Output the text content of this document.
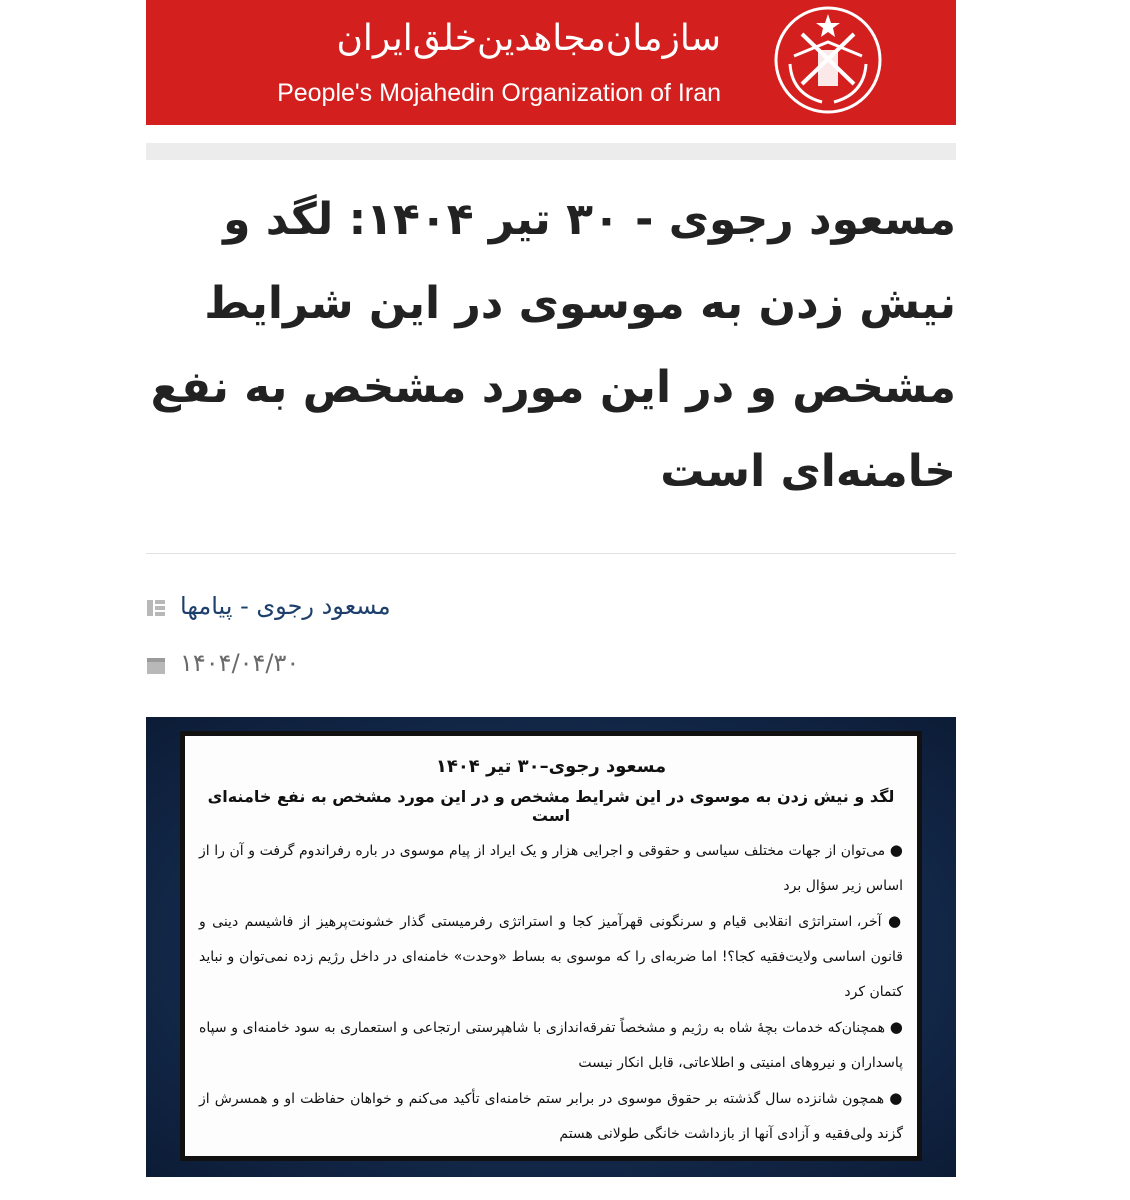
سازمان‌مجاهدین‌خلق‌ایران
People's Mojahedin Organization of Iran
مسعود رجوی - ۳۰ تیر ۱۴۰۴: لگد و نیش زدن به موسوی در این شرایط مشخص و در این مورد مشخص به نفع خامنه‌ای است
مسعود رجوی - پیامها
۱۴۰۴/۰۴/۳۰
مسعود رجوی–۳۰ تیر ۱۴۰۴
لگد و نیش زدن به موسوی در این شرایط مشخص و در این مورد مشخص به نفع خامنه‌ای است

● می‌توان از جهات مختلف سیاسی و حقوقی و اجرایی هزار و یک ایراد از پیام موسوی در باره رفراندوم گرفت و آن را از اساس زیر سؤال برد

● آخر، استراتژی انقلابی قیام و سرنگونی قهرآمیز کجا و استراتژی رفرمیستی گذار خشونت‌پرهیز از فاشیسم دینی و قانون اساسی ولایت‌فقیه کجا؟! اما ضربه‌ای را که موسوی به بساط «وحدت» خامنه‌ای در داخل رژیم زده نمی‌توان و نباید کتمان کرد

● همچنان‌که خدمات بچهٔ شاه به رژیم و مشخصاً تفرقه‌اندازی با شاهپرستی ارتجاعی و استعماری به سود خامنه‌ای و سپاه پاسداران و نیروهای امنیتی و اطلاعاتی، قابل انکار نیست

● همچون شانزده سال گذشته بر حقوق موسوی در برابر ستم خامنه‌ای تأکید می‌کنم و خواهان حفاظت او و همسرش از گزند ولی‌فقیه و آزادی آنها از بازداشت خانگی طولانی هستم
